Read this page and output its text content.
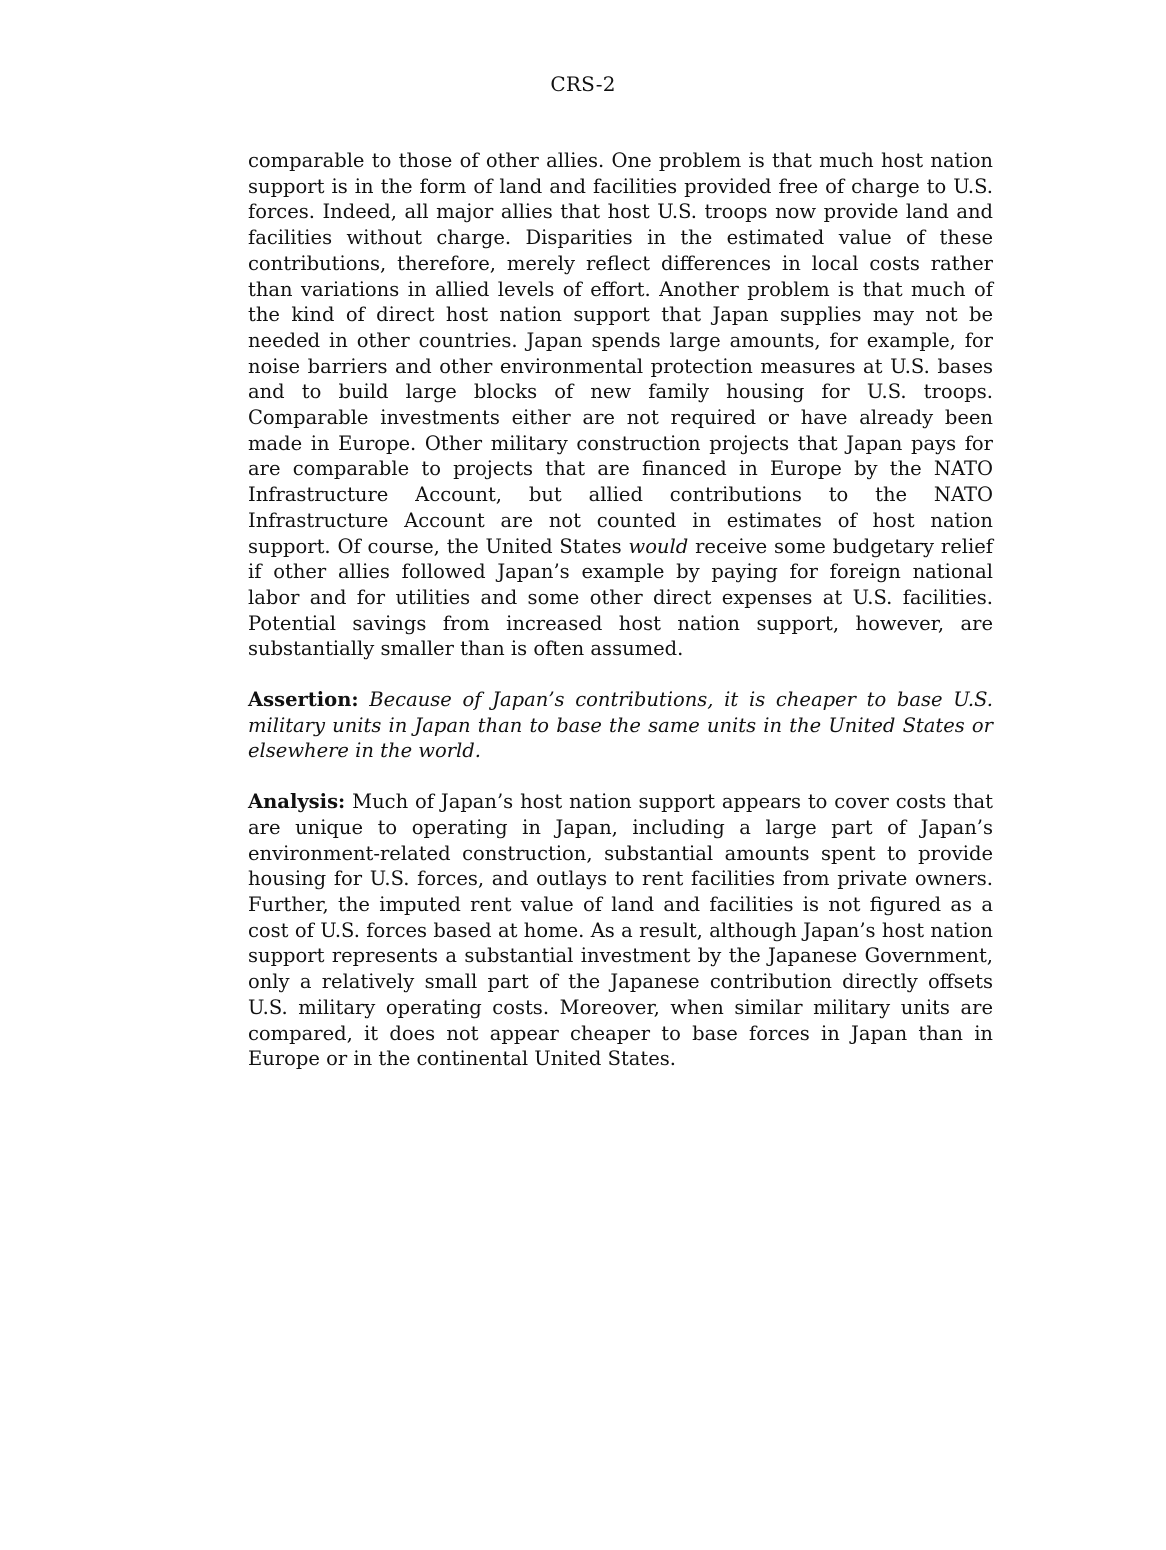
CRS-2

comparable to those of other allies. One problem is that much host nation support is in the form of land and facilities provided free of charge to U.S. forces. Indeed, all major allies that host U.S. troops now provide land and facilities without charge. Disparities in the estimated value of these contributions, therefore, merely reflect differences in local costs rather than variations in allied levels of effort. Another problem is that much of the kind of direct host nation support that Japan supplies may not be needed in other countries. Japan spends large amounts, for example, for noise barriers and other environmental protection measures at U.S. bases and to build large blocks of new family housing for U.S. troops. Comparable investments either are not required or have already been made in Europe. Other military construction projects that Japan pays for are comparable to projects that are financed in Europe by the NATO Infrastructure Account, but allied contributions to the NATO Infrastructure Account are not counted in estimates of host nation support. Of course, the United States would receive some budgetary relief if other allies followed Japan’s example by paying for foreign national labor and for utilities and some other direct expenses at U.S. facilities. Potential savings from increased host nation support, however, are substantially smaller than is often assumed.

Assertion: Because of Japan’s contributions, it is cheaper to base U.S. military units in Japan than to base the same units in the United States or elsewhere in the world.

Analysis: Much of Japan’s host nation support appears to cover costs that are unique to operating in Japan, including a large part of Japan’s environment-related construction, substantial amounts spent to provide housing for U.S. forces, and outlays to rent facilities from private owners. Further, the imputed rent value of land and facilities is not figured as a cost of U.S. forces based at home. As a result, although Japan’s host nation support represents a substantial investment by the Japanese Government, only a relatively small part of the Japanese contribution directly offsets U.S. military operating costs. Moreover, when similar military units are compared, it does not appear cheaper to base forces in Japan than in Europe or in the continental United States.
